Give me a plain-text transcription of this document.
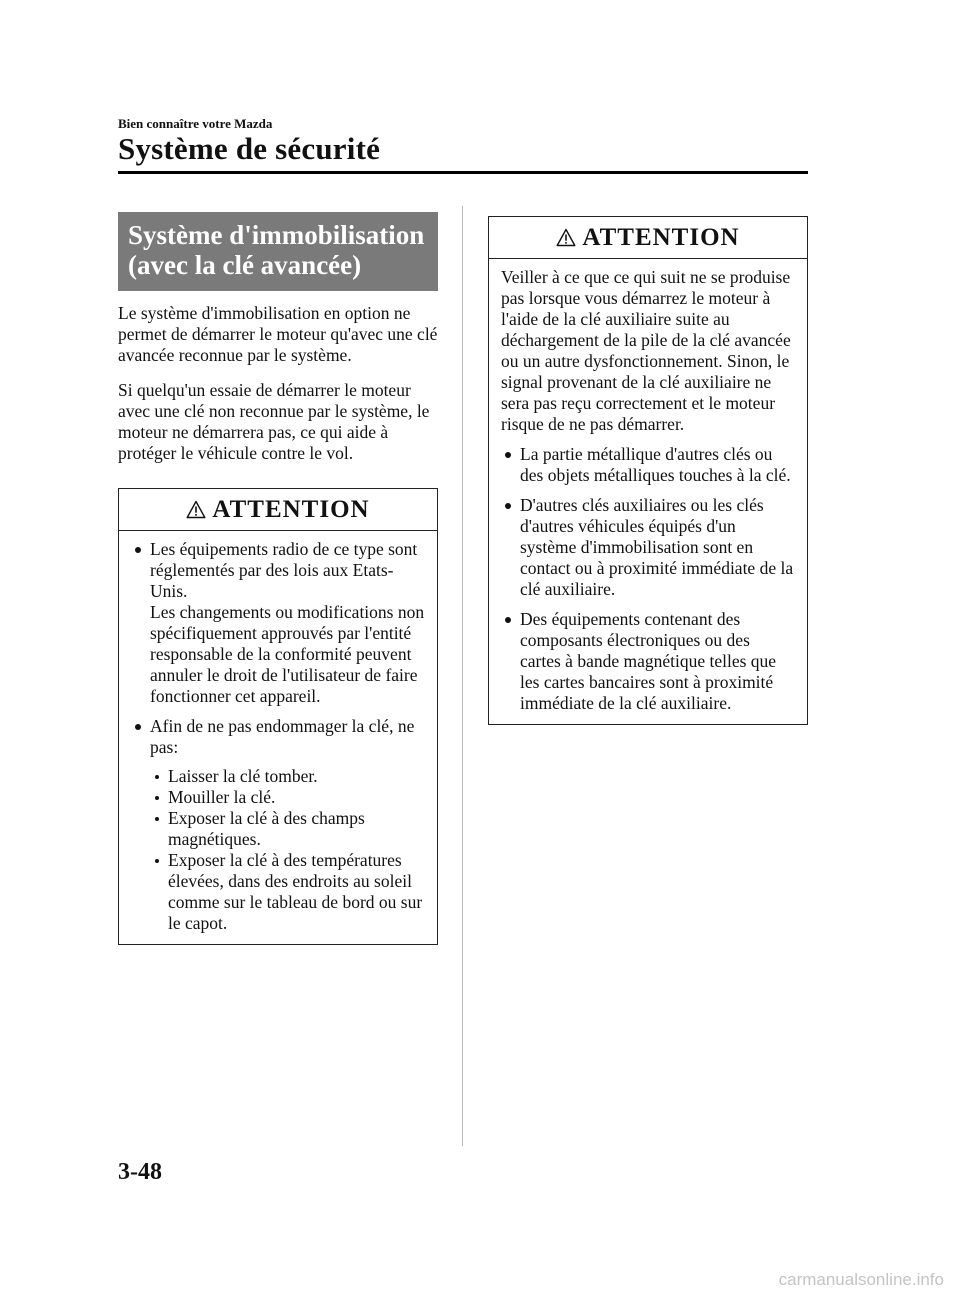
Bien connaître votre Mazda
Système de sécurité
Système d'immobilisation
(avec la clé avancée)

Le système d'immobilisation en option ne permet de démarrer le moteur qu'avec une clé avancée reconnue par le système.

Si quelqu'un essaie de démarrer le moteur avec une clé non reconnue par le système, le moteur ne démarrera pas, ce qui aide à protéger le véhicule contre le vol.

ATTENTION
Les équipements radio de ce type sont réglementés par des lois aux Etats-Unis.
Les changements ou modifications non spécifiquement approuvés par l'entité responsable de la conformité peuvent annuler le droit de l'utilisateur de faire fonctionner cet appareil.
Afin de ne pas endommager la clé, ne pas:
Laisser la clé tomber.
Mouiller la clé.
Exposer la clé à des champs magnétiques.
Exposer la clé à des températures élevées, dans des endroits au soleil comme sur le tableau de bord ou sur le capot.
ATTENTION

Veiller à ce que ce qui suit ne se produise pas lorsque vous démarrez le moteur à l'aide de la clé auxiliaire suite au déchargement de la pile de la clé avancée ou un autre dysfonctionnement. Sinon, le signal provenant de la clé auxiliaire ne sera pas reçu correctement et le moteur risque de ne pas démarrer.

La partie métallique d'autres clés ou des objets métalliques touches à la clé.
D'autres clés auxiliaires ou les clés d'autres véhicules équipés d'un système d'immobilisation sont en contact ou à proximité immédiate de la clé auxiliaire.
Des équipements contenant des composants électroniques ou des cartes à bande magnétique telles que les cartes bancaires sont à proximité immédiate de la clé auxiliaire.
3-48
carmanualsonline.info
